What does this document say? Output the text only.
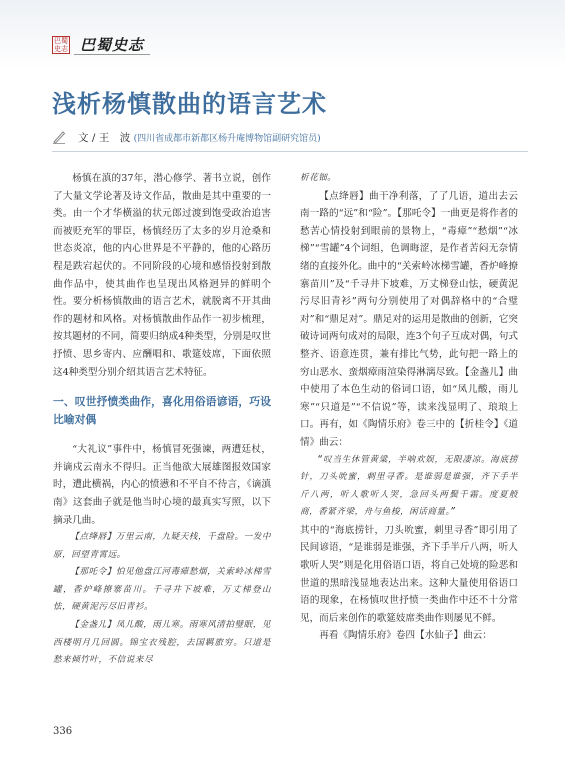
巴蜀史志 巴蜀史志
浅析杨慎散曲的语言艺术
文 / 王　波 (四川省成都市新都区杨升庵博物馆副研究馆员)

杨慎在滇的37年，潜心修学、著书立说，创作了大量文学论著及诗文作品，散曲是其中重要的一类。由一个才华横溢的状元郎过渡到饱受政治追害而被贬充军的罪臣，杨慎经历了太多的岁月沧桑和世态炎凉，他的内心世界是不平静的，他的心路历程是跌宕起伏的。不同阶段的心境和感悟投射到散曲作品中，使其曲作也呈现出风格迥异的鲜明个性。要分析杨慎散曲的语言艺术，就脱离不开其曲作的题材和风格。对杨慎散曲作品作一初步梳理，按其题材的不同，简要归纳成4种类型，分别是叹世抒愤、思乡寄内、应酬唱和、歌筵妓席，下面依照这4种类型分别介绍其语言艺术特征。

一、叹世抒愤类曲作，喜化用俗语谚语，巧设比喻对偶

“大礼议”事件中，杨慎冒死强谏，两遭廷杖，并谪戍云南永不得归。正当他欲大展雄图报效国家时，遭此横祸，内心的愤懑和不平自不待言，《谪滇南》这套曲子就是他当时心境的最真实写照，以下摘录几曲。

【点绛唇】万里云南，九疑天栈，千盘险。一发中原，回望青霄远。

【那吒令】怕见他盘江河毒瘴愁烟，关索岭冰梯雪罐，香炉峰撩寨苗川。千寻井下坡难，万丈梯登山怯，硬黄泥污尽旧青衫。

【金盏儿】凤儿酸，雨儿寒。雨寒风清拍璧眠，见西楼明月几回圆。锦宝衣残腔，去国羁旅穷。只道是愁来倾竹叶，不信说来尽

析花钿。

【点绛唇】曲干净利落，了了几语，道出去云南一路的“远”和“险”。【那吒令】一曲更是将作者的愁苦心情投射到眼前的景物上，“毒瘴”“愁烟”“冰梯”“雪罐”4个词组，色调晦涩，是作者苦闷无奈情绪的直接外化。曲中的“关索岭冰梯雪罐，香炉峰撩寨苗川”及“千寻井下坡难，万丈梯登山怯，硬黄泥污尽旧青衫”两句分别使用了对偶辞格中的“合璧对”和“鼎足对”。鼎足对的运用是散曲的创新，它突破诗词两句成对的局限，连3个句子互成对偶，句式整齐、语意连贯，兼有排比气势，此句把一路上的穷山恶水、蛮烟瘴雨渲染得淋漓尽致。【金盏儿】曲中使用了本色生动的俗词口语，如“凤儿酸，雨儿寒”“只道是”“不信说”等，读来浅显明了、琅琅上口。再有，如《陶情乐府》卷三中的【折桂令】《道情》曲云：

“叹当生休管黄粱，半响欢娱，无限凄凉。海底捞针，刀头吮蜜，刺里寻香。是谁弱是谁强，齐下手半斤八两，听人歌听人哭，急回头两鬓千霜。度夏般商，香紧齐梁，舟与鱼梭，闲话商量。”

其中的“海底捞针，刀头吮蜜，刺里寻香”即引用了民间谚语，“是谁弱是谁强，齐下手半斤八两，听人歌听人哭”则是化用俗语口语，将自己处境的险恶和世道的黑暗浅显地表达出来。这种大量使用俗语口语的现象，在杨慎叹世抒愤一类曲作中还不十分常见，而后来创作的歌筵妓席类曲作则屡见不鲜。

再看《陶情乐府》卷四【水仙子】曲云：

336
